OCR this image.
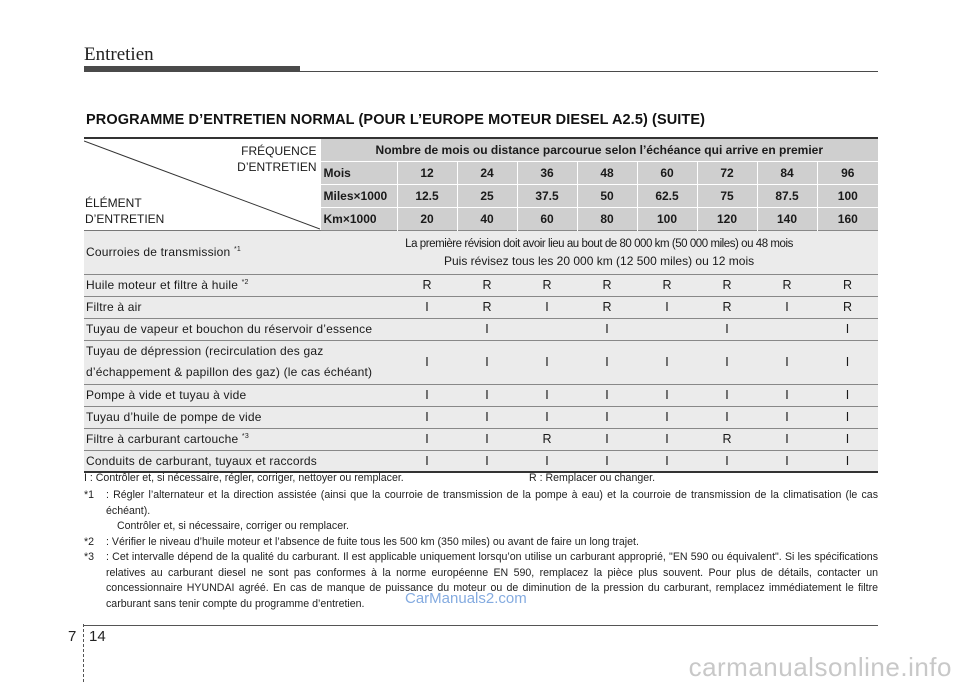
Entretien
PROGRAMME D’ENTRETIEN NORMAL (POUR L’EUROPE MOTEUR DIESEL A2.5) (SUITE)
FRÉQUENCE
D’ENTRETIEN
ÉLÉMENT
D’ENTRETIEN	Nombre de mois ou distance parcourue selon l’échéance qui arrive en premier								
	Mois	12	24	36	48	60	72	84	96
	Miles×1000	12.5	25	37.5	50	62.5	75	87.5	100
	Km×1000	20	40	60	80	100	120	140	160
Courroies de transmission $^{*1}$	La première révision doit avoir lieu au bout de 80 000 km (50 000 miles) ou 48 mois
Puis révisez tous les 20 000 km (12 500 miles) ou 12 mois								

Huile moteur et filtre à huile $^{*2}$		R	R	R	R	R	R	R	R
Filtre à air		I	R	I	R	I	R	I	R
Tuyau de vapeur et bouchon du réservoir d’essence			I		I		I		I

Tuyau de dépression (recirculation des gaz
d’échappement & papillon des gaz) (le cas échéant)		I	I	I	I	I	I	I	I
Pompe à vide et tuyau à vide		I	I	I	I	I	I	I	I
Tuyau d’huile de pompe de vide		I	I	I	I	I	I	I	I
Filtre à carburant cartouche $^{*3}$		I	I	R	I	I	R	I	I
Conduits de carburant, tuyaux et raccords		I	I	I	I	I	I	I	I
I : Contrôler et, si nécessaire, régler, corriger, nettoyer ou remplacer.	R : Remplacer ou changer.
*1	: Régler l’alternateur et la direction assistée (ainsi que la courroie de transmission de la pompe à eau) et la courroie de transmission de la climatisation (le cas échéant).
Contrôler et, si nécessaire, corriger ou remplacer.
*2	: Vérifier le niveau d’huile moteur et l’absence de fuite tous les 500 km (350 miles) ou avant de faire un long trajet.
*3	: Cet intervalle dépend de la qualité du carburant. Il est applicable uniquement lorsqu’on utilise un carburant approprié, "EN 590 ou équivalent". Si les spécifications relatives au carburant diesel ne sont pas conformes à la norme européenne EN 590, remplacez la pièce plus souvent. Pour plus de détails, contacter un concessionnaire HYUNDAI agréé. En cas de manque de puissance du moteur ou de diminution de la pression du carburant, remplacez immédiatement le filtre carburant sans tenir compte du programme d’entretien.	CarManuals2.com
7 14
carmanualsonline.info
